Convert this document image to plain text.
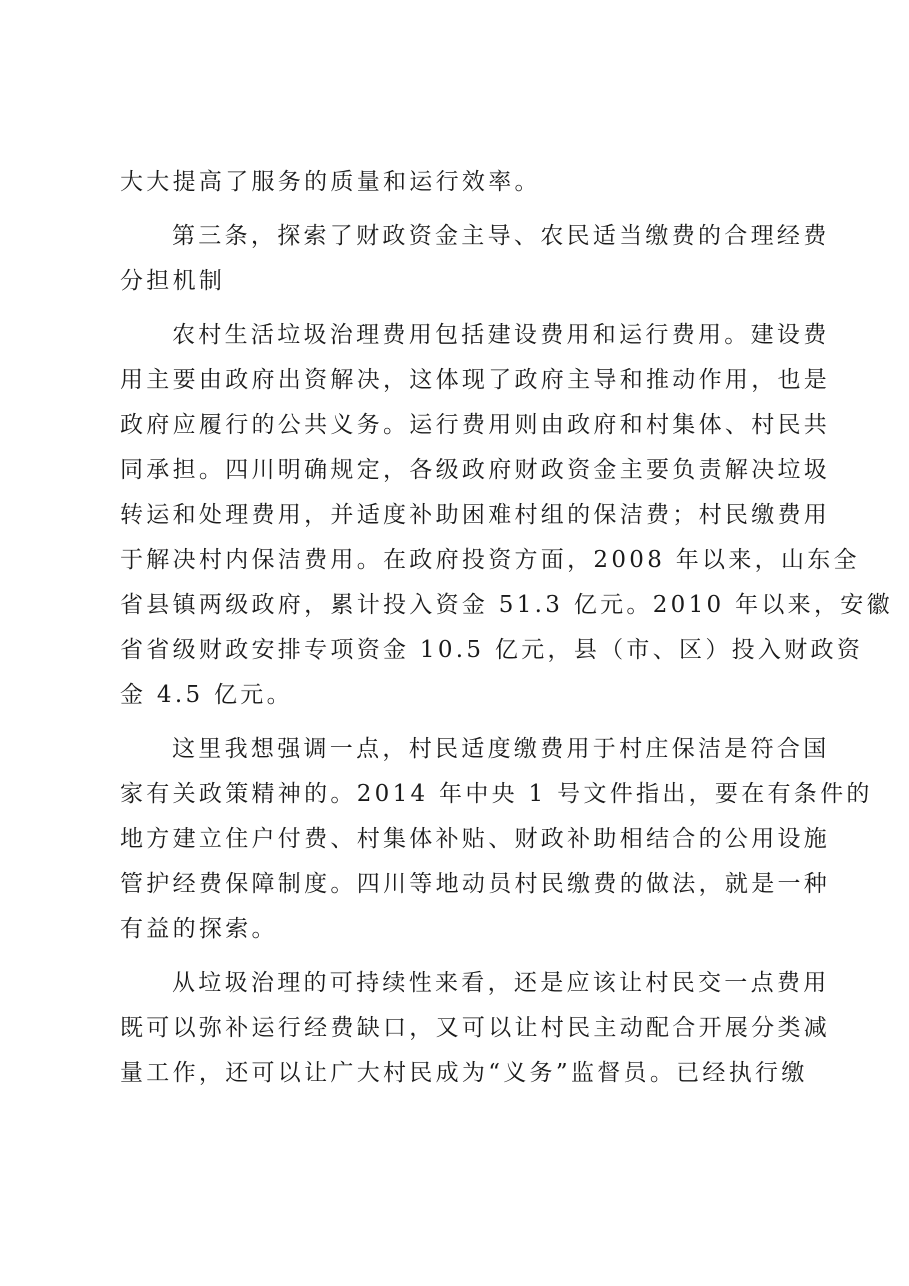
大大提高了服务的质量和运行效率。

第三条，探索了财政资金主导、农民适当缴费的合理经费
分担机制

农村生活垃圾治理费用包括建设费用和运行费用。建设费
用主要由政府出资解决，这体现了政府主导和推动作用，也是
政府应履行的公共义务。运行费用则由政府和村集体、村民共
同承担。四川明确规定，各级政府财政资金主要负责解决垃圾
转运和处理费用，并适度补助困难村组的保洁费；村民缴费用
于解决村内保洁费用。在政府投资方面，2008 年以来，山东全
省县镇两级政府，累计投入资金 51.3 亿元。2010 年以来，安徽
省省级财政安排专项资金 10.5 亿元，县（市、区）投入财政资
金 4.5 亿元。

这里我想强调一点，村民适度缴费用于村庄保洁是符合国
家有关政策精神的。2014 年中央 1 号文件指出，要在有条件的
地方建立住户付费、村集体补贴、财政补助相结合的公用设施
管护经费保障制度。四川等地动员村民缴费的做法，就是一种
有益的探索。

从垃圾治理的可持续性来看，还是应该让村民交一点费用
既可以弥补运行经费缺口，又可以让村民主动配合开展分类减
量工作，还可以让广大村民成为“义务”监督员。已经执行缴
